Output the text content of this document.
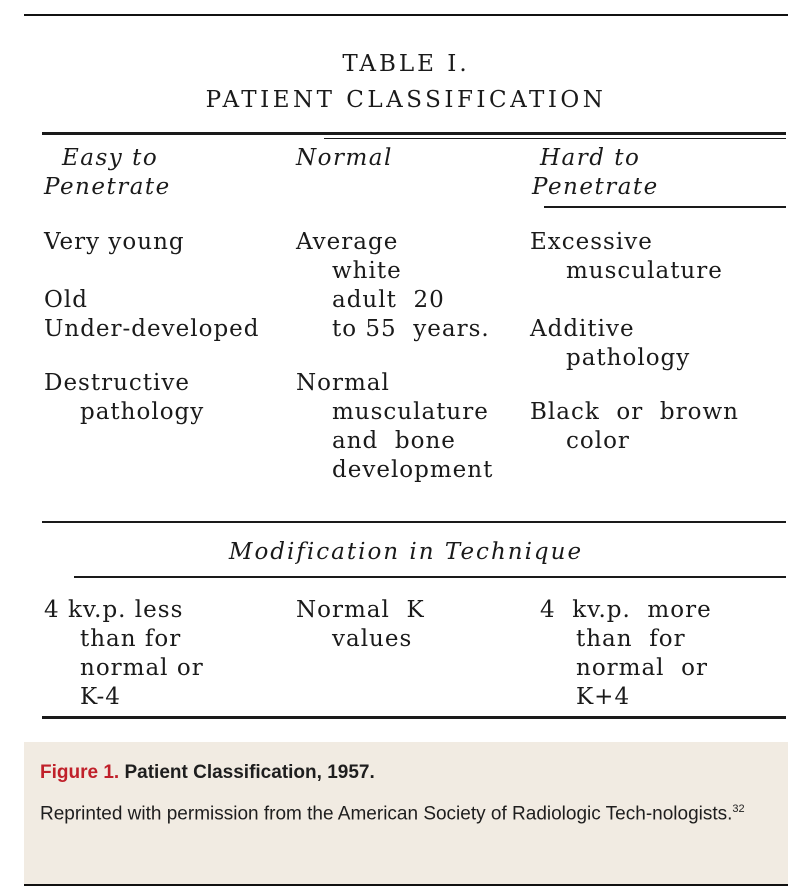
TABLE I.
PATIENT CLASSIFICATION
Easy to
Penetrate
Normal	Hard to
Penetrate
Very young
Old
Under-developed
Destructive
pathology
Average
white
adult  20
to 55  years.
Normal
musculature
and  bone
development
Excessive
musculature
Additive
pathology
Black  or  brown
color
Modification in Technique
4 kv.p. less
than for
normal or
K-4
Normal  K
values
4  kv.p.  more
than  for
normal  or
K+4
Figure 1. Patient Classification, 1957.
Reprinted with permission from the American Society of Radiologic Tech-nologists.$^{32}$
